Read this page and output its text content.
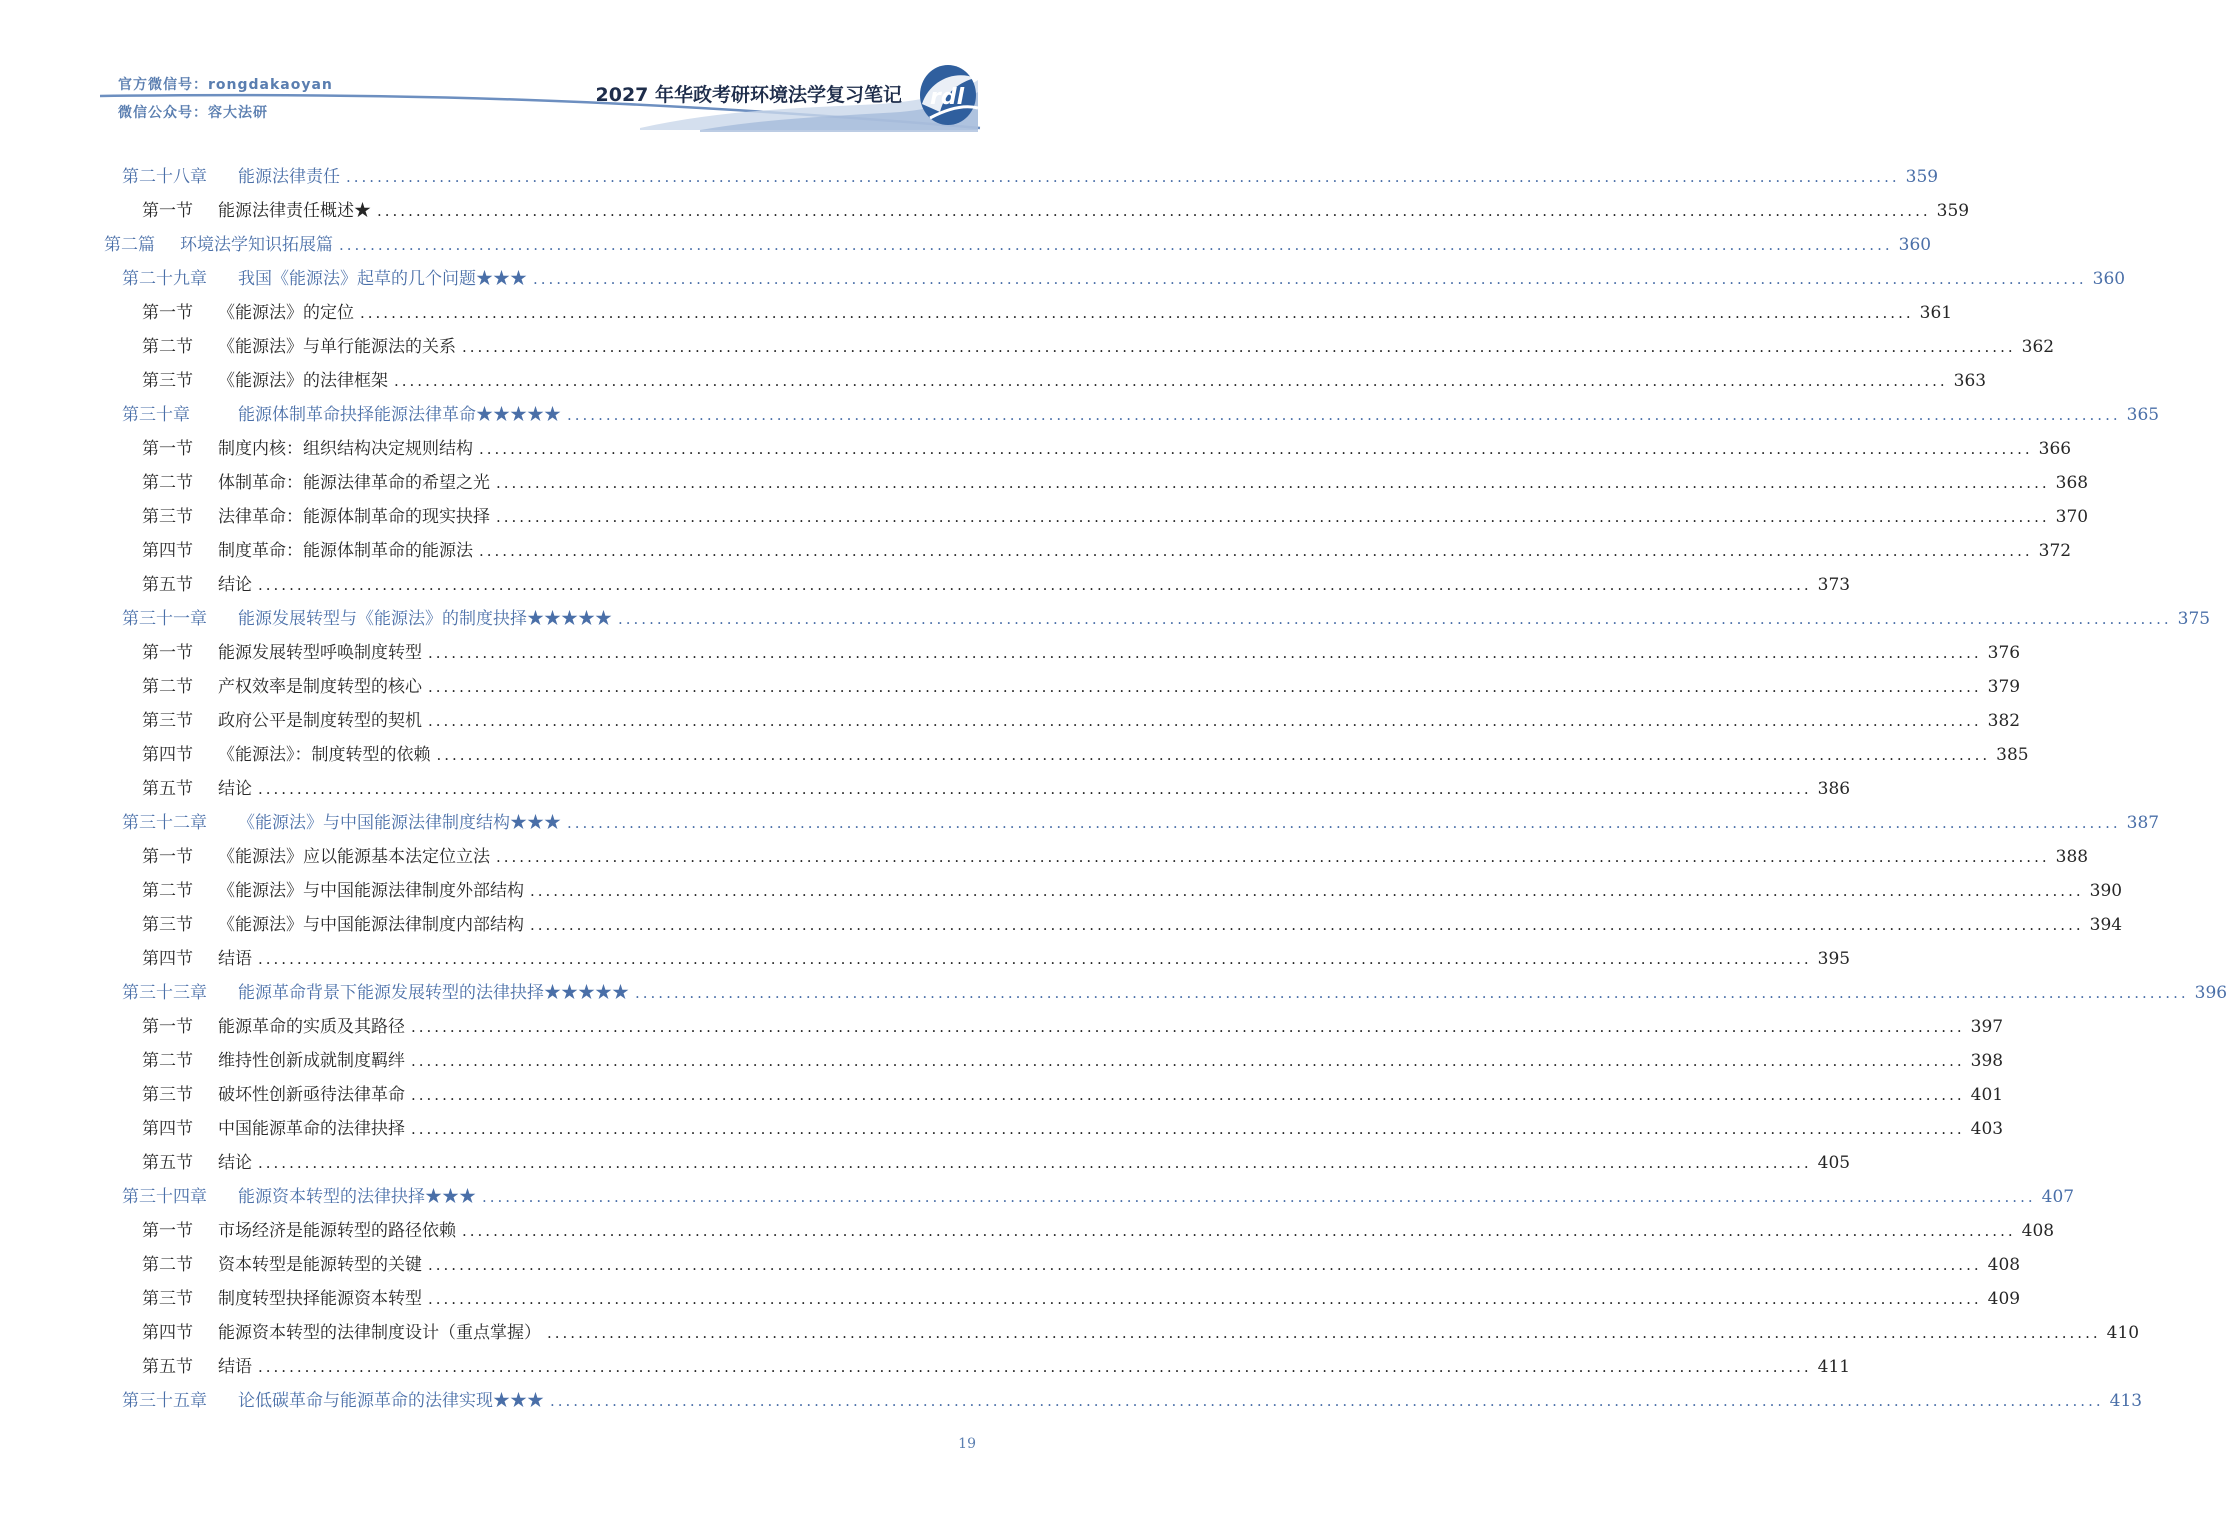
rdl
官方微信号：rongdakaoyan
微信公众号：容大法研
2027 年华政考研环境法学复习笔记
第二十八章	能源法律责任 ........................................................................................................................................................................................................ 359
第一节	能源法律责任概述★ ........................................................................................................................................................................................................ 359
第二篇	环境法学知识拓展篇 ........................................................................................................................................................................................................ 360
第二十九章	我国《能源法》起草的几个问题★★★ ........................................................................................................................................................................................................ 360
第一节	《能源法》的定位 ........................................................................................................................................................................................................ 361
第二节	《能源法》与单行能源法的关系 ........................................................................................................................................................................................................ 362
第三节	《能源法》的法律框架 ........................................................................................................................................................................................................ 363
第三十章	能源体制革命抉择能源法律革命★★★★★ ........................................................................................................................................................................................................ 365
第一节	制度内核：组织结构决定规则结构 ........................................................................................................................................................................................................ 366
第二节	体制革命：能源法律革命的希望之光 ........................................................................................................................................................................................................ 368
第三节	法律革命：能源体制革命的现实抉择 ........................................................................................................................................................................................................ 370
第四节	制度革命：能源体制革命的能源法 ........................................................................................................................................................................................................ 372
第五节	结论 ........................................................................................................................................................................................................ 373
第三十一章	能源发展转型与《能源法》的制度抉择★★★★★ ........................................................................................................................................................................................................ 375
第一节	能源发展转型呼唤制度转型 ........................................................................................................................................................................................................ 376
第二节	产权效率是制度转型的核心 ........................................................................................................................................................................................................ 379
第三节	政府公平是制度转型的契机 ........................................................................................................................................................................................................ 382
第四节	《能源法》：制度转型的依赖 ........................................................................................................................................................................................................ 385
第五节	结论 ........................................................................................................................................................................................................ 386
第三十二章	《能源法》与中国能源法律制度结构★★★ ........................................................................................................................................................................................................ 387
第一节	《能源法》应以能源基本法定位立法 ........................................................................................................................................................................................................ 388
第二节	《能源法》与中国能源法律制度外部结构 ........................................................................................................................................................................................................ 390
第三节	《能源法》与中国能源法律制度内部结构 ........................................................................................................................................................................................................ 394
第四节	结语 ........................................................................................................................................................................................................ 395
第三十三章	能源革命背景下能源发展转型的法律抉择★★★★★ ........................................................................................................................................................................................................ 396
第一节	能源革命的实质及其路径 ........................................................................................................................................................................................................ 397
第二节	维持性创新成就制度羁绊 ........................................................................................................................................................................................................ 398
第三节	破坏性创新亟待法律革命 ........................................................................................................................................................................................................ 401
第四节	中国能源革命的法律抉择 ........................................................................................................................................................................................................ 403
第五节	结论 ........................................................................................................................................................................................................ 405
第三十四章	能源资本转型的法律抉择★★★ ........................................................................................................................................................................................................ 407
第一节	市场经济是能源转型的路径依赖 ........................................................................................................................................................................................................ 408
第二节	资本转型是能源转型的关键 ........................................................................................................................................................................................................ 408
第三节	制度转型抉择能源资本转型 ........................................................................................................................................................................................................ 409
第四节	能源资本转型的法律制度设计（重点掌握） ........................................................................................................................................................................................................ 410
第五节	结语 ........................................................................................................................................................................................................ 411
第三十五章	论低碳革命与能源革命的法律实现★★★ ........................................................................................................................................................................................................ 413
19
